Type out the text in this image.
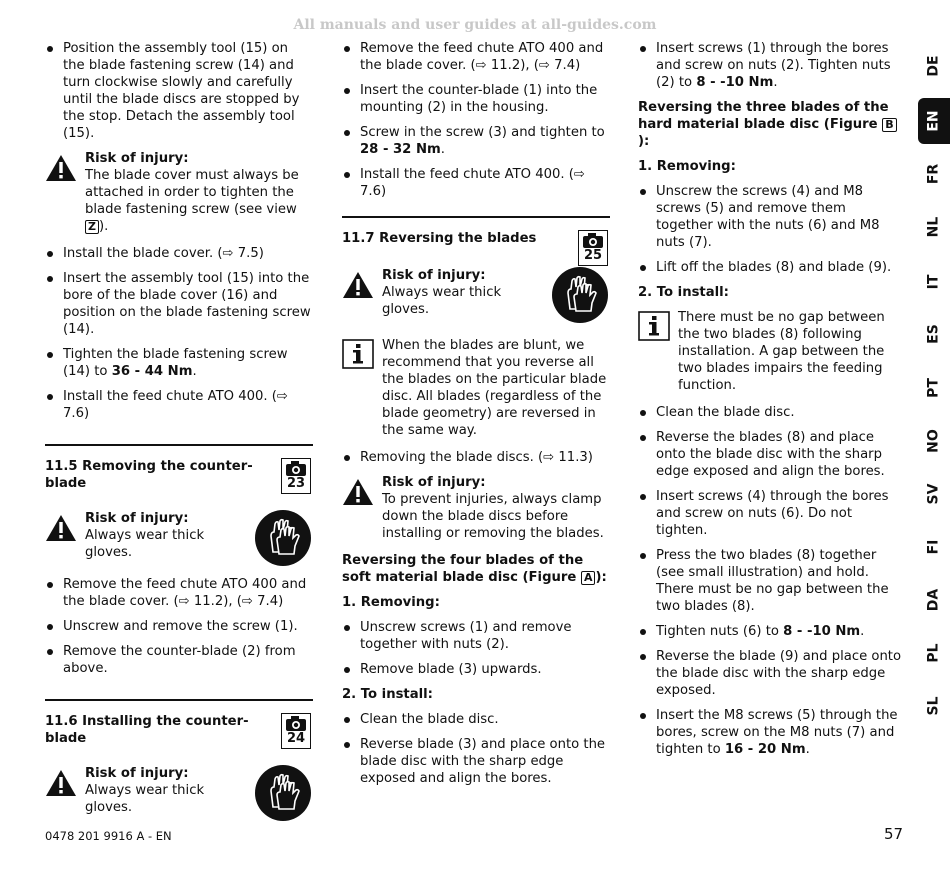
All manuals and user guides at all-guides.com
Position the assembly tool (15) on the blade fastening screw (14) and turn clockwise slowly and carefully until the blade discs are stopped by the stop. Detach the assembly tool (15).
Risk of injury:
The blade cover must always be attached in order to tighten the blade fastening screw (see view Z ).
Install the blade cover. (⇨ 7.5)
Insert the assembly tool (15) into the bore of the blade cover (16) and position on the blade fastening screw (14).
Tighten the blade fastening screw (14) to 36 - 44 Nm.
Install the feed chute ATO 400. (⇨ 7.6)
11.5 Removing the counter-blade	23
Risk of injury:
Always wear thick gloves.
Remove the feed chute ATO 400 and the blade cover. (⇨ 11.2), (⇨ 7.4)
Unscrew and remove the screw (1).
Remove the counter-blade (2) from above.
11.6 Installing the counter-blade	24
Risk of injury:
Always wear thick gloves.
Remove the feed chute ATO 400 and the blade cover. (⇨ 11.2), (⇨ 7.4)
Insert the counter-blade (1) into the mounting (2) in the housing.
Screw in the screw (3) and tighten to 28 - 32 Nm.
Install the feed chute ATO 400. (⇨ 7.6)
11.7 Reversing the blades
25
Risk of injury:
Always wear thick gloves.
When the blades are blunt, we recommend that you reverse all the blades on the particular blade disc. All blades (regardless of the blade geometry) are reversed in the same way.
Removing the blade discs. (⇨ 11.3)
Risk of injury:
To prevent injuries, always clamp down the blade discs before installing or removing the blades.
Reversing the four blades of the soft material blade disc (Figure A ):
1. Removing:
Unscrew screws (1) and remove together with nuts (2).
Remove blade (3) upwards.
2. To install:
Clean the blade disc.
Reverse blade (3) and place onto the blade disc with the sharp edge exposed and align the bores.
Insert screws (1) through the bores and screw on nuts (2). Tighten nuts (2) to 8 - -10 Nm.
Reversing the three blades of the hard material blade disc (Figure B):
1. Removing:
Unscrew the screws (4) and M8 screws (5) and remove them together with the nuts (6) and M8 nuts (7).
Lift off the blades (8) and blade (9).
2. To install:
There must be no gap between the two blades (8) following installation. A gap between the two blades impairs the feeding function.
Clean the blade disc.
Reverse the blades (8) and place onto the blade disc with the sharp edge exposed and align the bores.
Insert screws (4) through the bores and screw on nuts (6). Do not tighten.
Press the two blades (8) together (see small illustration) and hold. There must be no gap between the two blades (8).
Tighten nuts (6) to 8 - -10 Nm.
Reverse the blade (9) and place onto the blade disc with the sharp edge exposed.
Insert the M8 screws (5) through the bores, screw on the M8 nuts (7) and tighten to 16 - 20 Nm.
DE
EN
FR
NL
IT
ES
PT
NO
SV
FI
DA
PL
SL
0478 201 9916 A - EN	57
